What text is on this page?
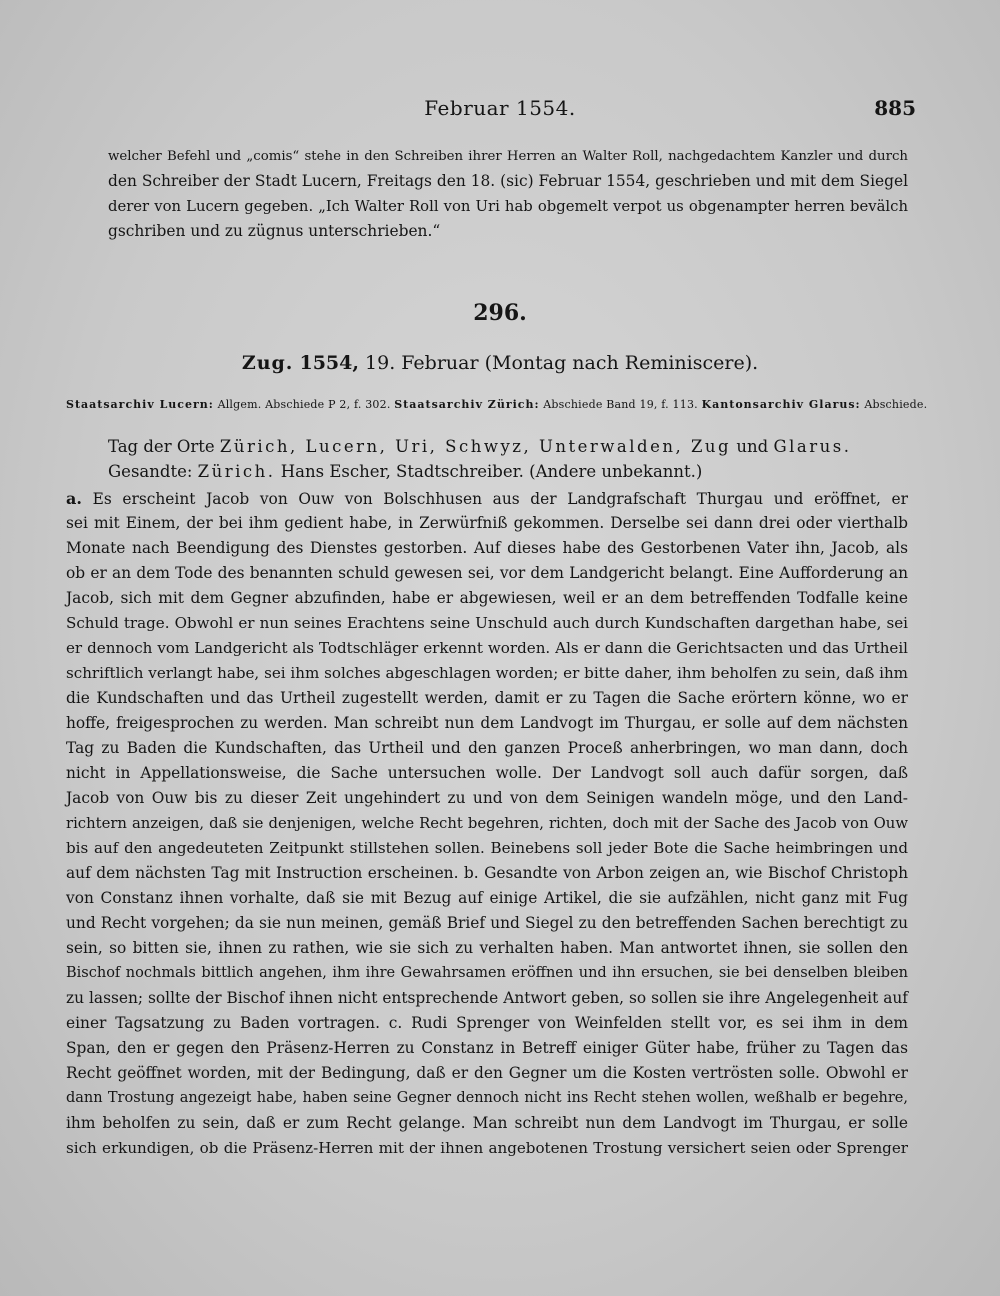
Februar 1554.	885
welcher Befehl und „comis“ stehe in den Schreiben ihrer Herren an Walter Roll, nachgedachtem Kanzler und durch
den Schreiber der Stadt Lucern, Freitags den 18. (sic) Februar 1554, geschrieben und mit dem Siegel
derer von Lucern gegeben. „Ich Walter Roll von Uri hab obgemelt verpot us obgenampter herren bevälch
gschriben und zu zügnus unterschrieben.“
296.
Zug. 1554, 19. Februar (Montag nach Reminiscere).
Staatsarchiv Lucern: Allgem. Abschiede P 2, f. 302. Staatsarchiv Zürich: Abschiede Band 19, f. 113. Kantonsarchiv Glarus: Abschiede.
Tag der Orte Zürich, Lucern, Uri, Schwyz, Unterwalden, Zug und Glarus.
Gesandte: Zürich. Hans Escher, Stadtschreiber. (Andere unbekannt.)
a. Es erscheint Jacob von Ouw von Bolschhusen aus der Landgrafschaft Thurgau und eröffnet, er
sei mit Einem, der bei ihm gedient habe, in Zerwürfniß gekommen. Derselbe sei dann drei oder vierthalb
Monate nach Beendigung des Dienstes gestorben. Auf dieses habe des Gestorbenen Vater ihn, Jacob, als
ob er an dem Tode des benannten schuld gewesen sei, vor dem Landgericht belangt. Eine Aufforderung an
Jacob, sich mit dem Gegner abzufinden, habe er abgewiesen, weil er an dem betreffenden Todfalle keine
Schuld trage. Obwohl er nun seines Erachtens seine Unschuld auch durch Kundschaften dargethan habe, sei
er dennoch vom Landgericht als Todtschläger erkennt worden. Als er dann die Gerichtsacten und das Urtheil
schriftlich verlangt habe, sei ihm solches abgeschlagen worden; er bitte daher, ihm beholfen zu sein, daß ihm
die Kundschaften und das Urtheil zugestellt werden, damit er zu Tagen die Sache erörtern könne, wo er
hoffe, freigesprochen zu werden. Man schreibt nun dem Landvogt im Thurgau, er solle auf dem nächsten
Tag zu Baden die Kundschaften, das Urtheil und den ganzen Proceß anherbringen, wo man dann, doch
nicht in Appellationsweise, die Sache untersuchen wolle. Der Landvogt soll auch dafür sorgen, daß
Jacob von Ouw bis zu dieser Zeit ungehindert zu und von dem Seinigen wandeln möge, und den Land-
richtern anzeigen, daß sie denjenigen, welche Recht begehren, richten, doch mit der Sache des Jacob von Ouw
bis auf den angedeuteten Zeitpunkt stillstehen sollen. Beinebens soll jeder Bote die Sache heimbringen und
auf dem nächsten Tag mit Instruction erscheinen. b. Gesandte von Arbon zeigen an, wie Bischof Christoph
von Constanz ihnen vorhalte, daß sie mit Bezug auf einige Artikel, die sie aufzählen, nicht ganz mit Fug
und Recht vorgehen; da sie nun meinen, gemäß Brief und Siegel zu den betreffenden Sachen berechtigt zu
sein, so bitten sie, ihnen zu rathen, wie sie sich zu verhalten haben. Man antwortet ihnen, sie sollen den
Bischof nochmals bittlich angehen, ihm ihre Gewahrsamen eröffnen und ihn ersuchen, sie bei denselben bleiben
zu lassen; sollte der Bischof ihnen nicht entsprechende Antwort geben, so sollen sie ihre Angelegenheit auf
einer Tagsatzung zu Baden vortragen. c. Rudi Sprenger von Weinfelden stellt vor, es sei ihm in dem
Span, den er gegen den Präsenz-Herren zu Constanz in Betreff einiger Güter habe, früher zu Tagen das
Recht geöffnet worden, mit der Bedingung, daß er den Gegner um die Kosten vertrösten solle. Obwohl er
dann Trostung angezeigt habe, haben seine Gegner dennoch nicht ins Recht stehen wollen, weßhalb er begehre,
ihm beholfen zu sein, daß er zum Recht gelange. Man schreibt nun dem Landvogt im Thurgau, er solle
sich erkundigen, ob die Präsenz-Herren mit der ihnen angebotenen Trostung versichert seien oder Sprenger
